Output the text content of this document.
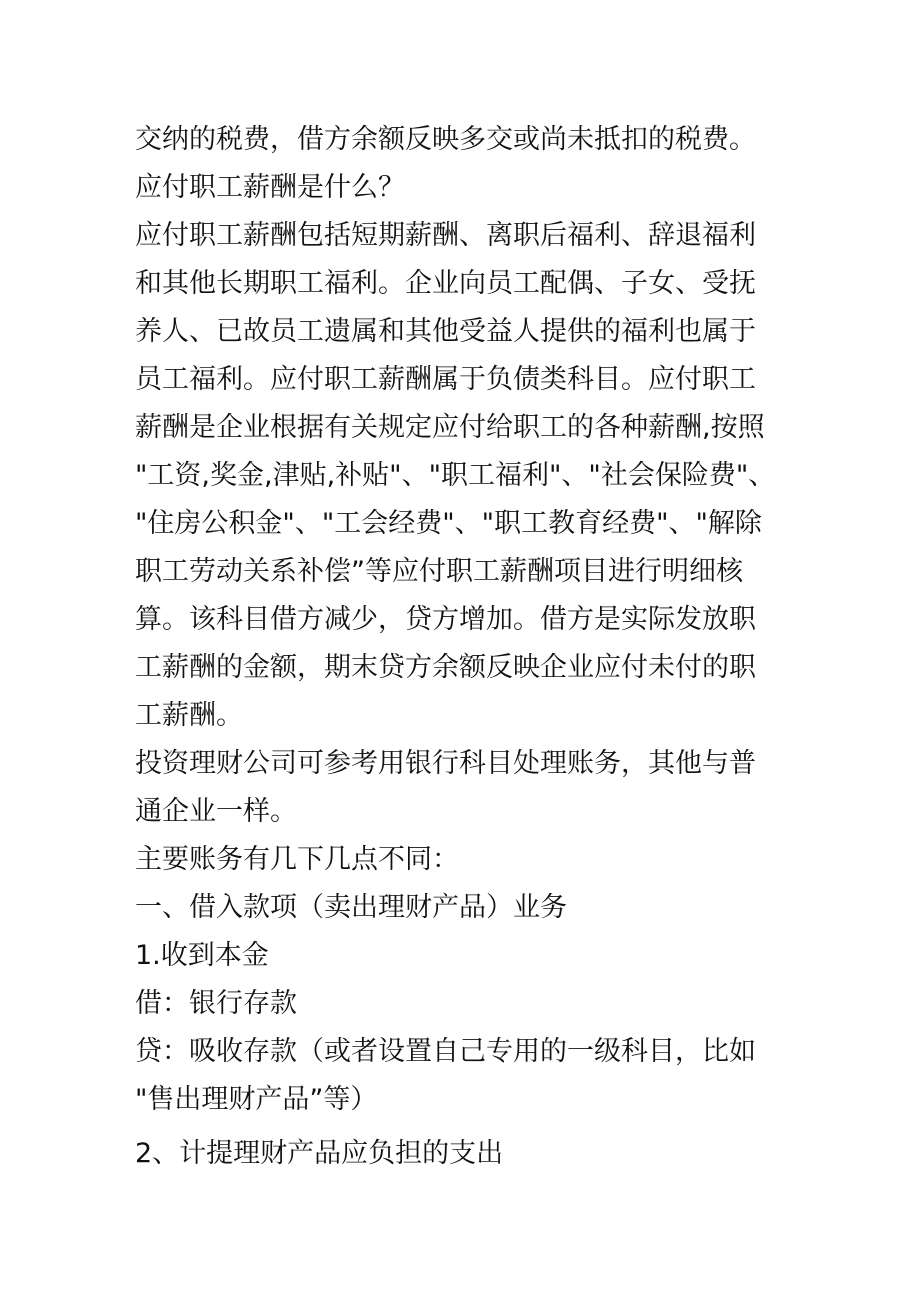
交纳的税费，借方余额反映多交或尚未抵扣的税费。
应付职工薪酬是什么？
应付职工薪酬包括短期薪酬、离职后福利、辞退福利
和其他长期职工福利。企业向员工配偶、子女、受抚
养人、已故员工遗属和其他受益人提供的福利也属于
员工福利。应付职工薪酬属于负债类科目。应付职工
薪酬是企业根据有关规定应付给职工的各种薪酬,按照
"工资,奖金,津贴,补贴"、"职工福利"、"社会保险费"、
"住房公积金"、"工会经费"、"职工教育经费"、"解除
职工劳动关系补偿”等应付职工薪酬项目进行明细核
算。该科目借方减少，贷方增加。借方是实际发放职
工薪酬的金额，期末贷方余额反映企业应付未付的职
工薪酬。
投资理财公司可参考用银行科目处理账务，其他与普
通企业一样。
主要账务有几下几点不同：
一、借入款项（卖出理财产品）业务
1.收到本金
借：银行存款
贷：吸收存款（或者设置自己专用的一级科目，比如
"售出理财产品”等）
2、计提理财产品应负担的支出
